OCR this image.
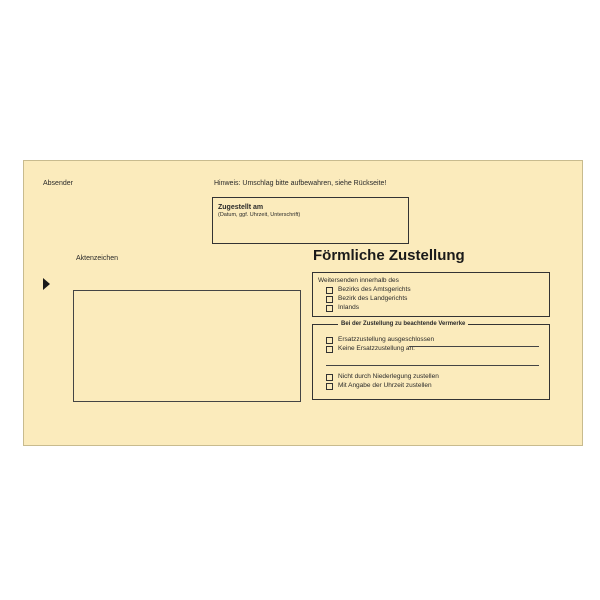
Absender	Hinweis: Umschlag bitte aufbewahren, siehe Rückseite!
Zugestellt am
(Datum, ggf. Uhrzeit, Unterschrift)
Aktenzeichen	Förmliche Zustellung
Weitersenden innerhalb des
Bezirks des Amtsgerichts
Bezirk des Landgerichts
Inlands
Ersatzzustellung ausgeschlossen
Keine Ersatzzustellung an:
Nicht durch Niederlegung zustellen
Mit Angabe der Uhrzeit zustellen
Bei der Zustellung zu beachtende Vermerke
